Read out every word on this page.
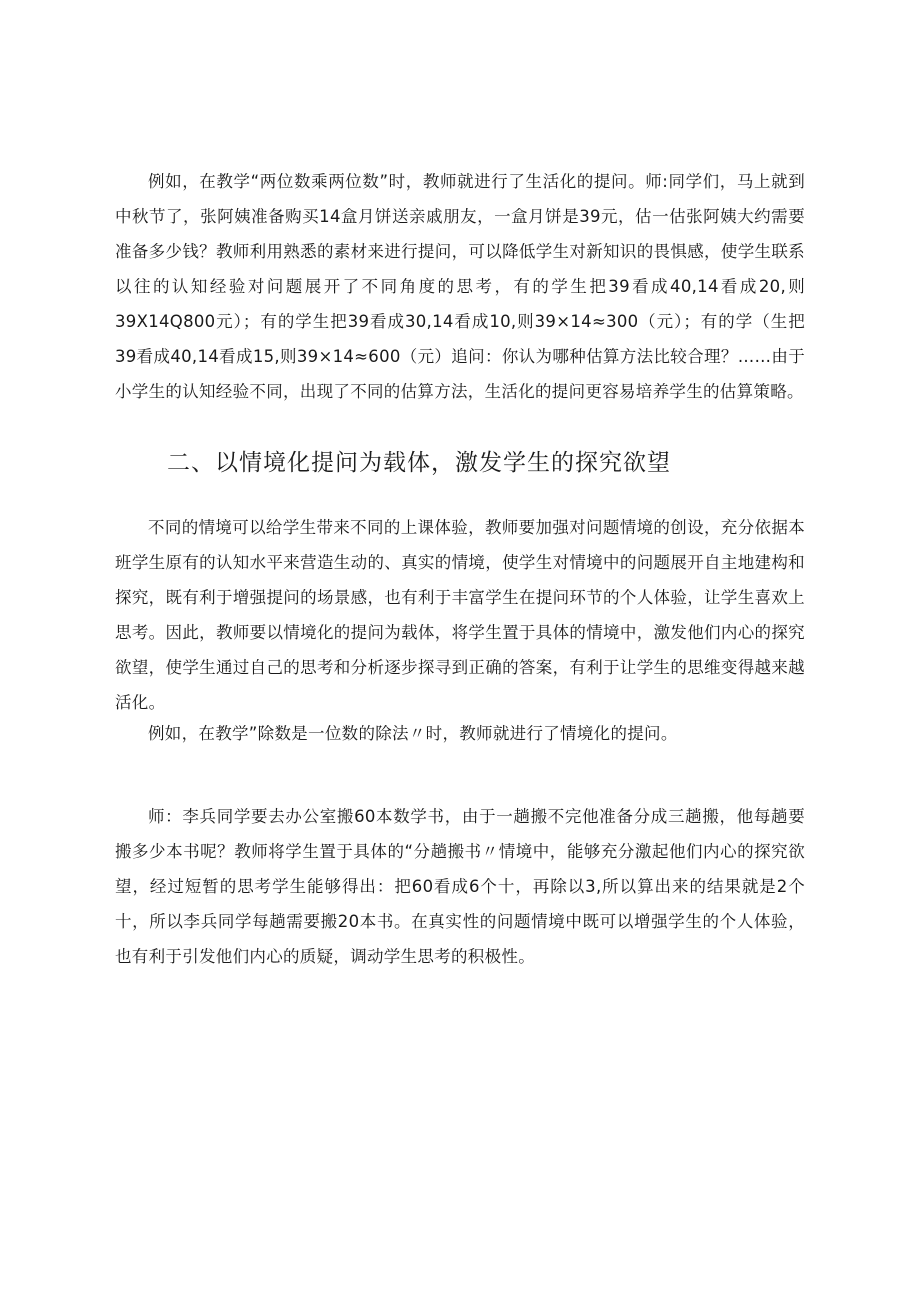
例如，在教学“两位数乘两位数”时，教师就进行了生活化的提问。师:同学们，马上就到中秋节了，张阿姨准备购买14盒月饼送亲戚朋友，一盒月饼是39元，估一估张阿姨大约需要准备多少钱？教师利用熟悉的素材来进行提问，可以降低学生对新知识的畏惧感，使学生联系以往的认知经验对问题展开了不同角度的思考，有的学生把39看成40,14看成20,则39X14Q800元）；有的学生把39看成30,14看成10,则39×14≈300（元）；有的学（生把39看成40,14看成15,则39×14≈600（元）追问：你认为哪种估算方法比较合理？……由于小学生的认知经验不同，出现了不同的估算方法，生活化的提问更容易培养学生的估算策略。

二、以情境化提问为载体，激发学生的探究欲望

不同的情境可以给学生带来不同的上课体验，教师要加强对问题情境的创设，充分依据本班学生原有的认知水平来营造生动的、真实的情境，使学生对情境中的问题展开自主地建构和探究，既有利于增强提问的场景感，也有利于丰富学生在提问环节的个人体验，让学生喜欢上思考。因此，教师要以情境化的提问为载体，将学生置于具体的情境中，激发他们内心的探究欲望，使学生通过自己的思考和分析逐步探寻到正确的答案，有利于让学生的思维变得越来越活化。

例如，在教学”除数是一位数的除法〃时，教师就进行了情境化的提问。

师：李兵同学要去办公室搬60本数学书，由于一趟搬不完他准备分成三趟搬，他每趟要搬多少本书呢？教师将学生置于具体的“分趟搬书〃情境中，能够充分激起他们内心的探究欲望，经过短暂的思考学生能够得出：把60看成6个十，再除以3,所以算出来的结果就是2个十，所以李兵同学每趟需要搬20本书。在真实性的问题情境中既可以增强学生的个人体验，也有利于引发他们内心的质疑，调动学生思考的积极性。
